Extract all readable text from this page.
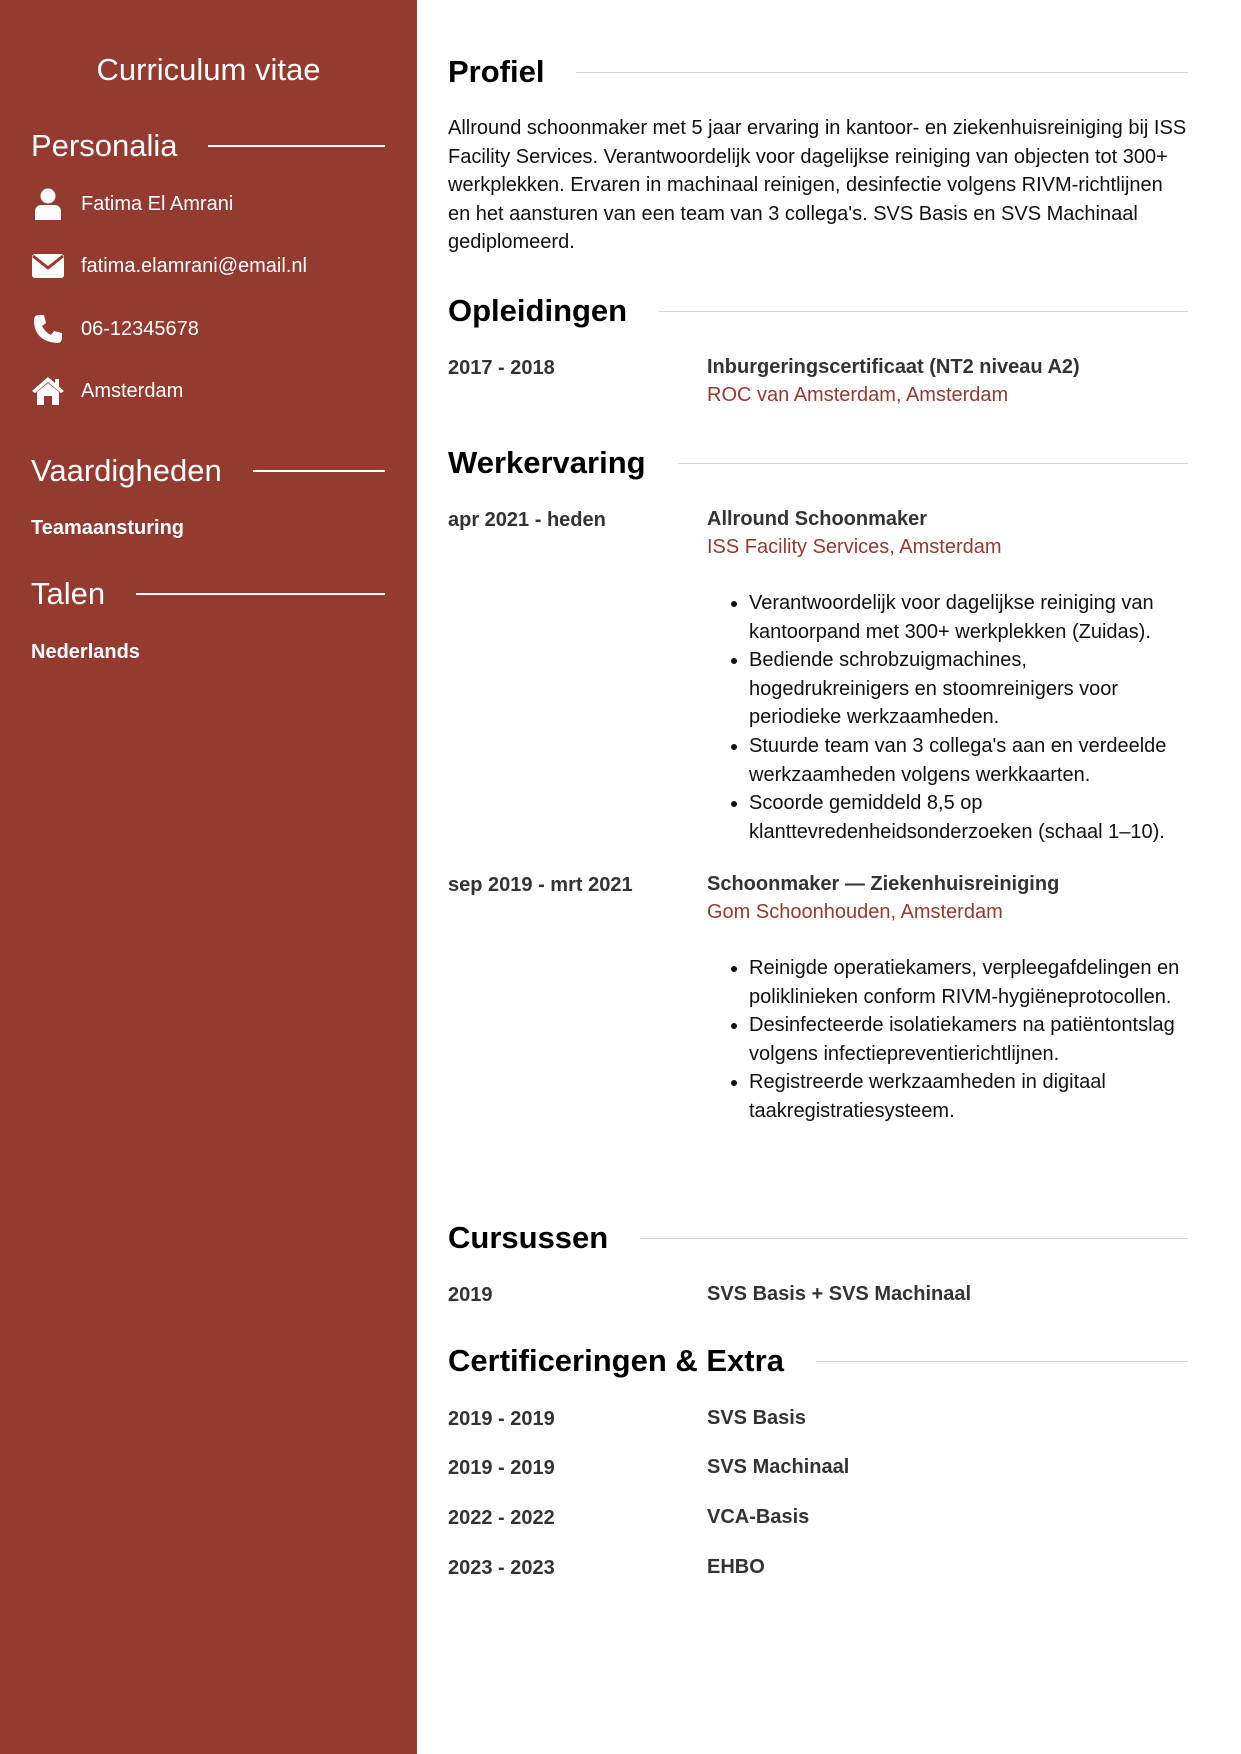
Curriculum vitae
Personalia
Fatima El Amrani
fatima.elamrani@email.nl
06-12345678
Amsterdam
Vaardigheden
Teamaansturing
Talen
Nederlands
Profiel
Allround schoonmaker met 5 jaar ervaring in kantoor- en ziekenhuisreiniging bij ISS Facility Services. Verantwoordelijk voor dagelijkse reiniging van objecten tot 300+ werkplekken. Ervaren in machinaal reinigen, desinfectie volgens RIVM-richtlijnen en het aansturen van een team van 3 collega's. SVS Basis en SVS Machinaal gediplomeerd.
Opleidingen
2017 - 2018	Inburgeringscertificaat (NT2 niveau A2)
ROC van Amsterdam, Amsterdam
Werkervaring
apr 2021 - heden	Allround Schoonmaker
ISS Facility Services, Amsterdam
• Verantwoordelijk voor dagelijkse reiniging van kantoorpand met 300+ werkplekken (Zuidas).
• Bediende schrobzuigmachines, hogedrukreinigers en stoomreinigers voor periodieke werkzaamheden.
• Stuurde team van 3 collega's aan en verdeelde werkzaamheden volgens werkkaarten.
• Scoorde gemiddeld 8,5 op klanttevredenheidsonderzoeken (schaal 1–10).
sep 2019 - mrt 2021	Schoonmaker — Ziekenhuisreiniging
Gom Schoonhouden, Amsterdam
• Reinigde operatiekamers, verpleegafdelingen en poliklinieken conform RIVM-hygiëneprotocollen.
• Desinfecteerde isolatiekamers na patiëntontslag volgens infectiepreventierichtlijnen.
• Registreerde werkzaamheden in digitaal taakregistratiesysteem.
Cursussen
2019	SVS Basis + SVS Machinaal
Certificeringen & Extra
2019 - 2019	SVS Basis
2019 - 2019	SVS Machinaal
2022 - 2022	VCA-Basis
2023 - 2023	EHBO
